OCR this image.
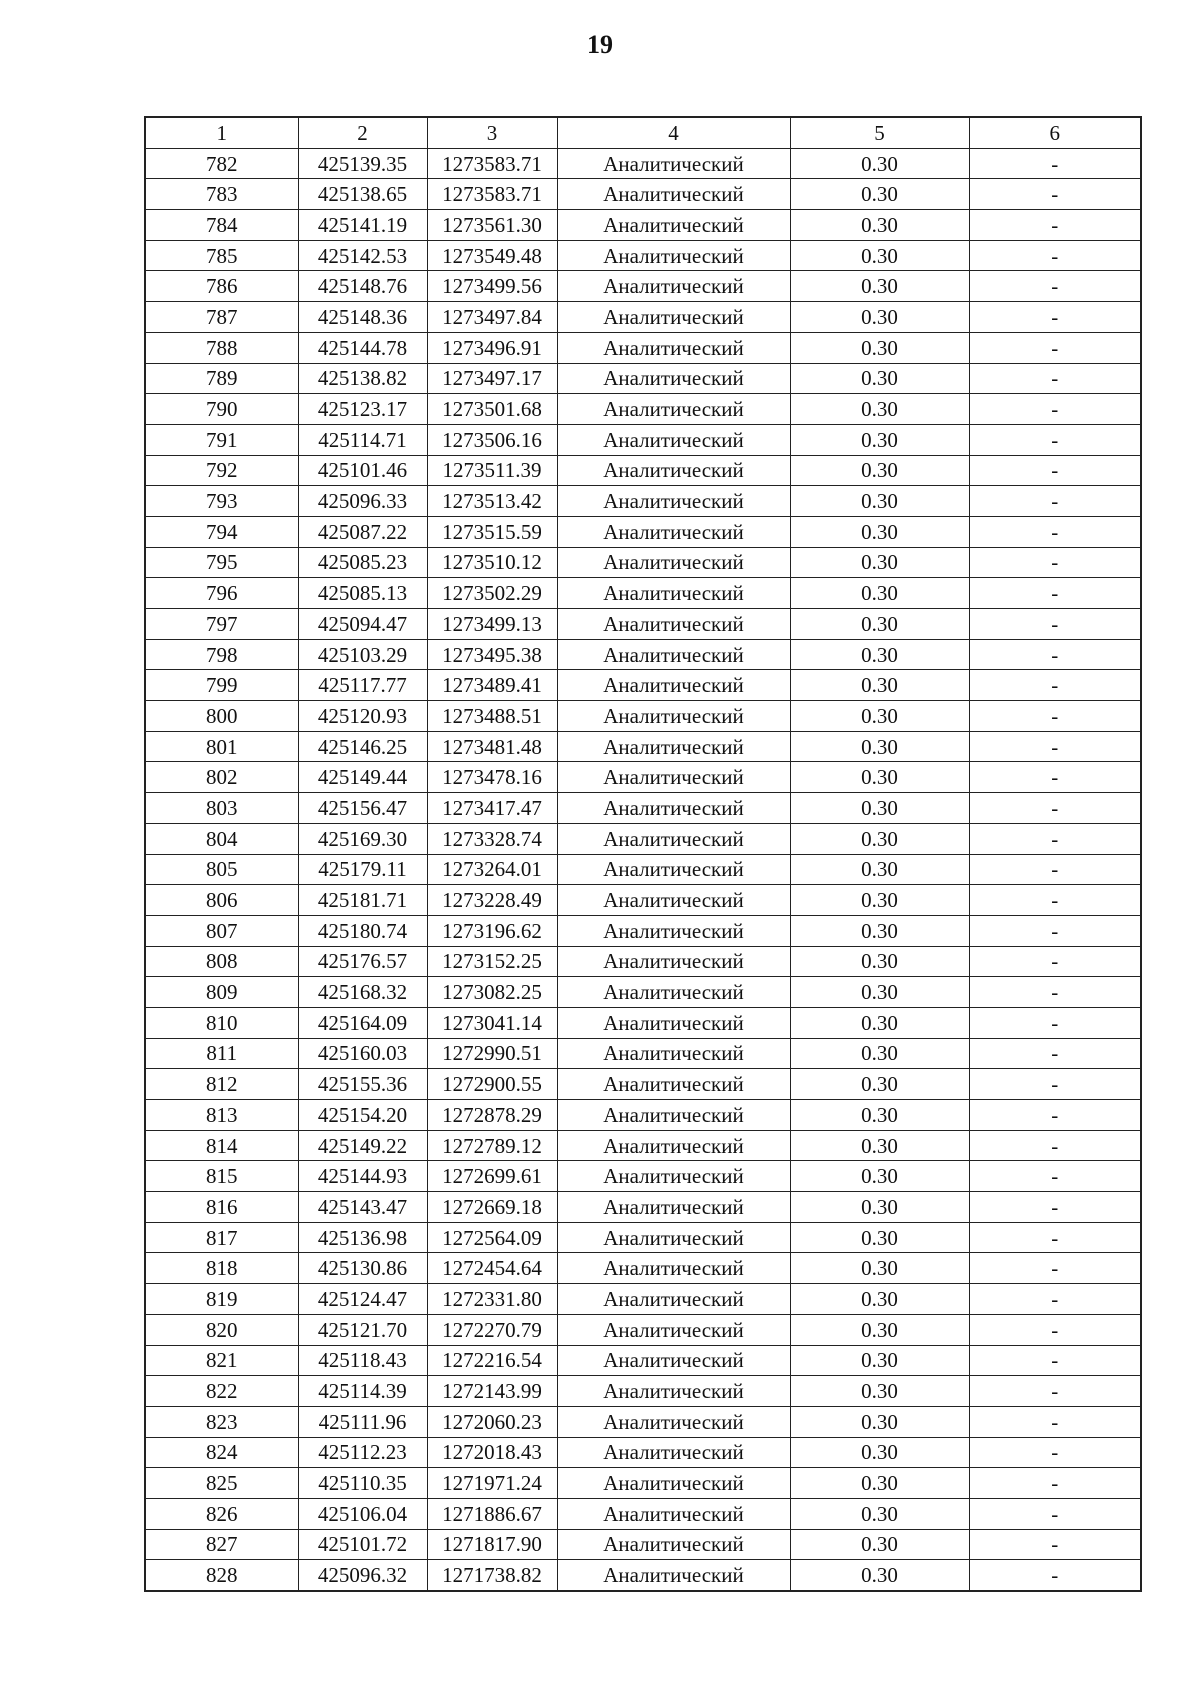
19
1	2	3	4	5	6
782	425139.35	1273583.71	Аналитический	0.30	-
783	425138.65	1273583.71	Аналитический	0.30	-
784	425141.19	1273561.30	Аналитический	0.30	-
785	425142.53	1273549.48	Аналитический	0.30	-
786	425148.76	1273499.56	Аналитический	0.30	-
787	425148.36	1273497.84	Аналитический	0.30	-
788	425144.78	1273496.91	Аналитический	0.30	-
789	425138.82	1273497.17	Аналитический	0.30	-
790	425123.17	1273501.68	Аналитический	0.30	-
791	425114.71	1273506.16	Аналитический	0.30	-
792	425101.46	1273511.39	Аналитический	0.30	-
793	425096.33	1273513.42	Аналитический	0.30	-
794	425087.22	1273515.59	Аналитический	0.30	-
795	425085.23	1273510.12	Аналитический	0.30	-
796	425085.13	1273502.29	Аналитический	0.30	-
797	425094.47	1273499.13	Аналитический	0.30	-
798	425103.29	1273495.38	Аналитический	0.30	-
799	425117.77	1273489.41	Аналитический	0.30	-
800	425120.93	1273488.51	Аналитический	0.30	-
801	425146.25	1273481.48	Аналитический	0.30	-
802	425149.44	1273478.16	Аналитический	0.30	-
803	425156.47	1273417.47	Аналитический	0.30	-
804	425169.30	1273328.74	Аналитический	0.30	-
805	425179.11	1273264.01	Аналитический	0.30	-
806	425181.71	1273228.49	Аналитический	0.30	-
807	425180.74	1273196.62	Аналитический	0.30	-
808	425176.57	1273152.25	Аналитический	0.30	-
809	425168.32	1273082.25	Аналитический	0.30	-
810	425164.09	1273041.14	Аналитический	0.30	-
811	425160.03	1272990.51	Аналитический	0.30	-
812	425155.36	1272900.55	Аналитический	0.30	-
813	425154.20	1272878.29	Аналитический	0.30	-
814	425149.22	1272789.12	Аналитический	0.30	-
815	425144.93	1272699.61	Аналитический	0.30	-
816	425143.47	1272669.18	Аналитический	0.30	-
817	425136.98	1272564.09	Аналитический	0.30	-
818	425130.86	1272454.64	Аналитический	0.30	-
819	425124.47	1272331.80	Аналитический	0.30	-
820	425121.70	1272270.79	Аналитический	0.30	-
821	425118.43	1272216.54	Аналитический	0.30	-
822	425114.39	1272143.99	Аналитический	0.30	-
823	425111.96	1272060.23	Аналитический	0.30	-
824	425112.23	1272018.43	Аналитический	0.30	-
825	425110.35	1271971.24	Аналитический	0.30	-
826	425106.04	1271886.67	Аналитический	0.30	-
827	425101.72	1271817.90	Аналитический	0.30	-
828	425096.32	1271738.82	Аналитический	0.30	-
